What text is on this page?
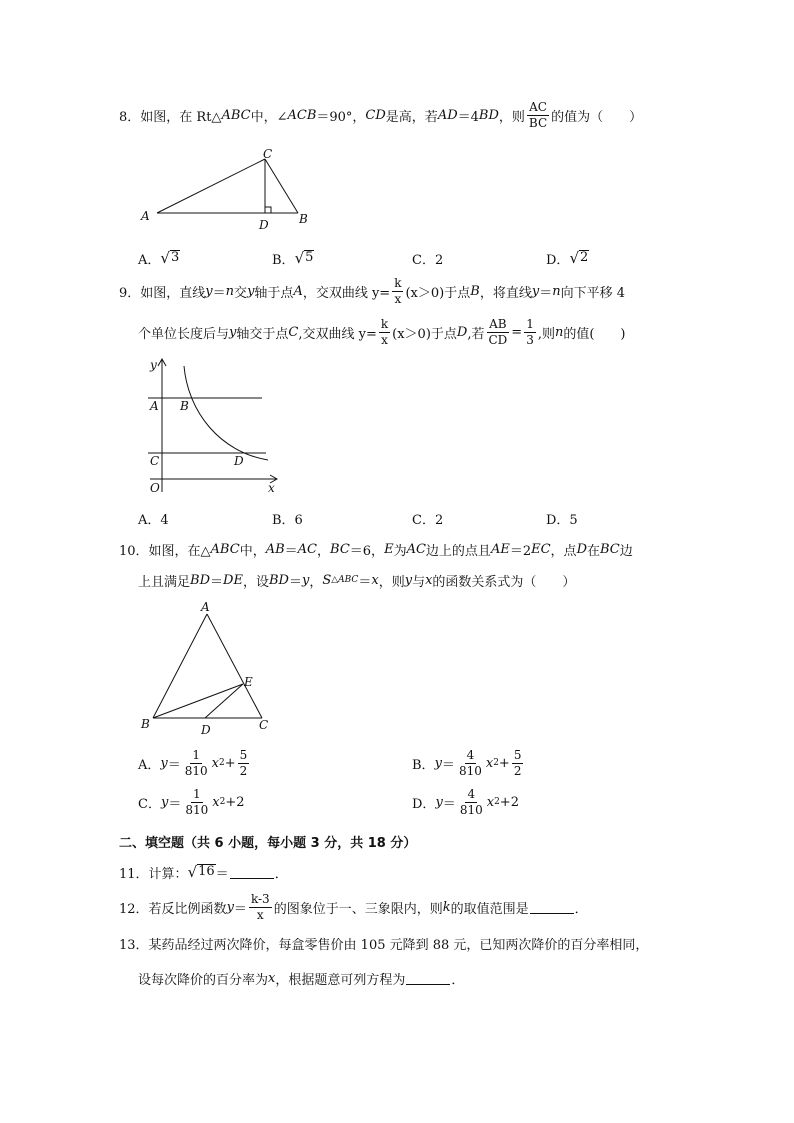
8． 如图，在 Rt△ ABC 中，∠ ACB ＝90°， CD 是高，若 AD ＝4 BD ，则 $\frac{AC}{BC}$ 的值为（　　）
A	B
C
D
A． √ 3	B． √ 5	C．2	D． √ 2
9． 如图，直线 y ＝ n 交 y 轴于点 A ，交双曲线 $y= \frac{k}{x} (x>0)$ 于点 B ，将直线 y ＝ n 向下平移 4
个单位长度后与 y 轴交于点 C ,交双曲线 $y= \frac{k}{x} (x>0)$ 于点 D ,若 $\frac{AB}{CD} = \frac{1}{3}$ ,则 n 的值(　　)
y
A B
C	D
O	x
A．4	B．6	C．2	D．5
10． 如图，在△ ABC 中， AB ＝ AC ， BC ＝6， E 为 AC 边上的点且 AE ＝2 EC ，点 D 在 BC 边
上且满足 BD ＝ DE ，设 BD ＝ y ， S △ABC ＝ x ，则 y 与 x 的函数关系式为（　　）
A
B	C
D
E
A． $y = \frac{1}{810}$ x $2 + \frac{5}{2}$	B． $y = \frac{4}{810}$ x $2 + \frac{5}{2}$
C． $y = \frac{1}{810}$ x 2 +2	D． $y = \frac{4}{810}$ x 2 +2
二、填空题（共 6 小题，每小题 3 分，共 18 分）
11． 计算： √ 16 ＝	．
12． 若反比例函数 $y = \frac{k-3}{x}$ 的图象位于一、三象限内，则 k 的取值范围是	．
13． 某药品经过两次降价，每盒零售价由 105 元降到 88 元，已知两次降价的百分率相同，
设每次降价的百分率为 x ，根据题意可列方程为	．
